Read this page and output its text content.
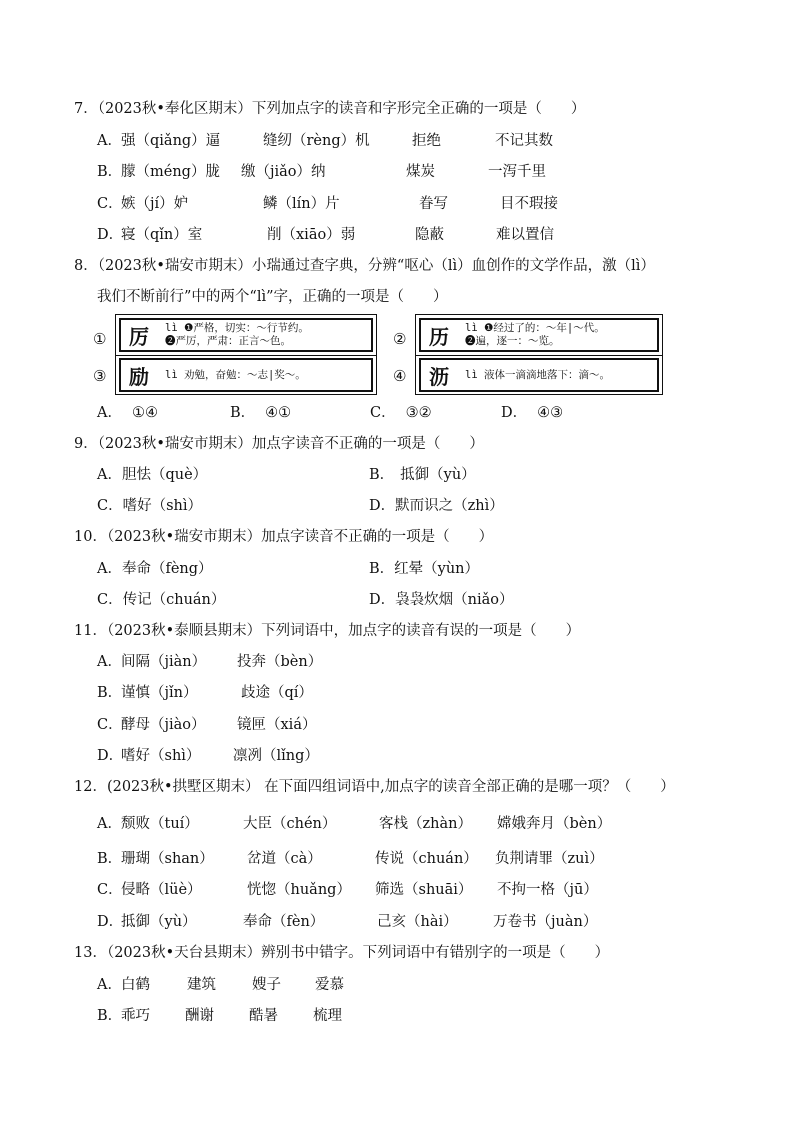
7．（2023秋•奉化区期末）下列加点字的读音和字形完全正确的一项是（　　）
A． 强（qiǎng）逼	缝纫（rèng）机	拒绝	不记其数
B．
朦（méng）胧 缴（jiǎo）纳	煤炭	一泻千里
C．
嫉（jí）妒	鳞（lín）片	眷写	目不瑕接
D．
寝（qǐn）室	削（xiāo）弱	隐蔽	难以置信
8．（2023秋•瑞安市期末）小瑞通过查字典，分辨“呕心（lì）血创作的文学作品，激（lì）
我们不断前行”中的两个“lì”字，正确的一项是（　　）
① 厉	lì ❶严格，切实：～行节约。
❷严厉，严肃：正言～色。	② 历	lì ❶经过了的：～年|～代。
❷遍，逐一：～览。
③ 励	lì 劝勉，奋勉：～志|奖～。	④ 沥	lì 液体一滴滴地落下：滴～。
A． ①④	B． ④①	C． ③②	D． ④③
9．（2023秋•瑞安市期末）加点字读音不正确的一项是（　　）
A．胆怯（què）	B． 抵御（yù）
C．嗜好（shì）	D．默而识之（zhì）
10．（2023秋•瑞安市期末）加点字读音不正确的一项是（　　）
A．奉命（fèng）	B．红晕（yùn）
C．传记（chuán）	D．袅袅炊烟（niǎo）
11．（2023秋•泰顺县期末）下列词语中，加点字的读音有误的一项是（　　）
A． 间隔（jiàn） 投奔（bèn）
B．
谨慎（jǐn）	歧途（qí）
C．
酵母（jiào） 镜匣（xiá）
D．
嗜好（shì） 凛冽（lǐng）
12．(2023秋•拱墅区期末） 在下面四组词语中,加点字的读音全部正确的是哪一项？（　　）
A． 颓败（tuí）	大臣（chén）	客栈（zhàn） 嫦娥奔月（bèn）
B．
珊瑚（shan） 岔道（cà）	传说（chuán） 负荆请罪（zuì）
C．
侵略（lüè）	恍惚（huǎng） 筛选（shuāi） 不拘一格（jū）
D．
抵御（yù）	奉命（fèn）	己亥（hài） 万卷书（juàn）
13．（2023秋•天台县期末）辨别书中错字。下列词语中有错别字的一项是（　　）
A． 白鹤	建筑 嫂子 爱慕
B．
乖巧 酬谢 酷暑 梳理
